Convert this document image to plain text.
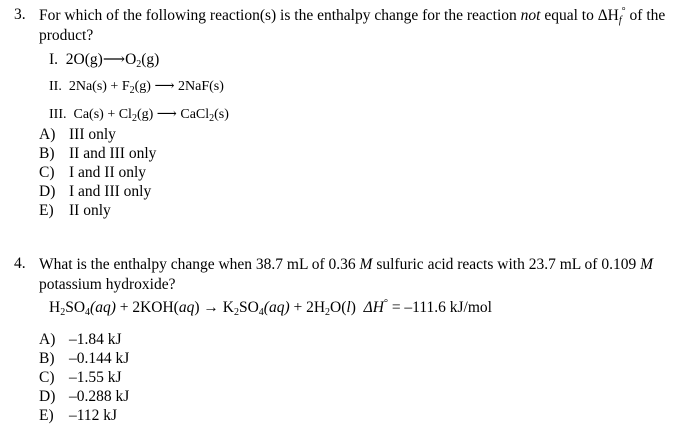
3. For which of the following reaction(s) is the enthalpy change for the reaction not equal to $\Delta H_f^\circ$ of the
product?
I. $2O(g)⟶O_2(g)$
II. $2Na(s) + F_2(g)$ ⟶ 2NaF(s)
III. $Ca(s) + Cl_2(g)$ ⟶ CaCl$_2$(s)
A) III only
B) II and III only
C) I and II only
D) I and III only
E) II only
4. What is the enthalpy change when 38.7 mL of 0.36 M sulfuric acid reacts with 23.7 mL of 0.109 M
potassium hydroxide?
$H_2SO_4(aq) + 2KOH(aq) \to K_2SO_4(aq) + 2H_2O(l) \Delta H^\circ = -111.6$ kJ/mol
A) –1.84 kJ
B) –0.144 kJ
C) –1.55 kJ
D) –0.288 kJ
E) –112 kJ
